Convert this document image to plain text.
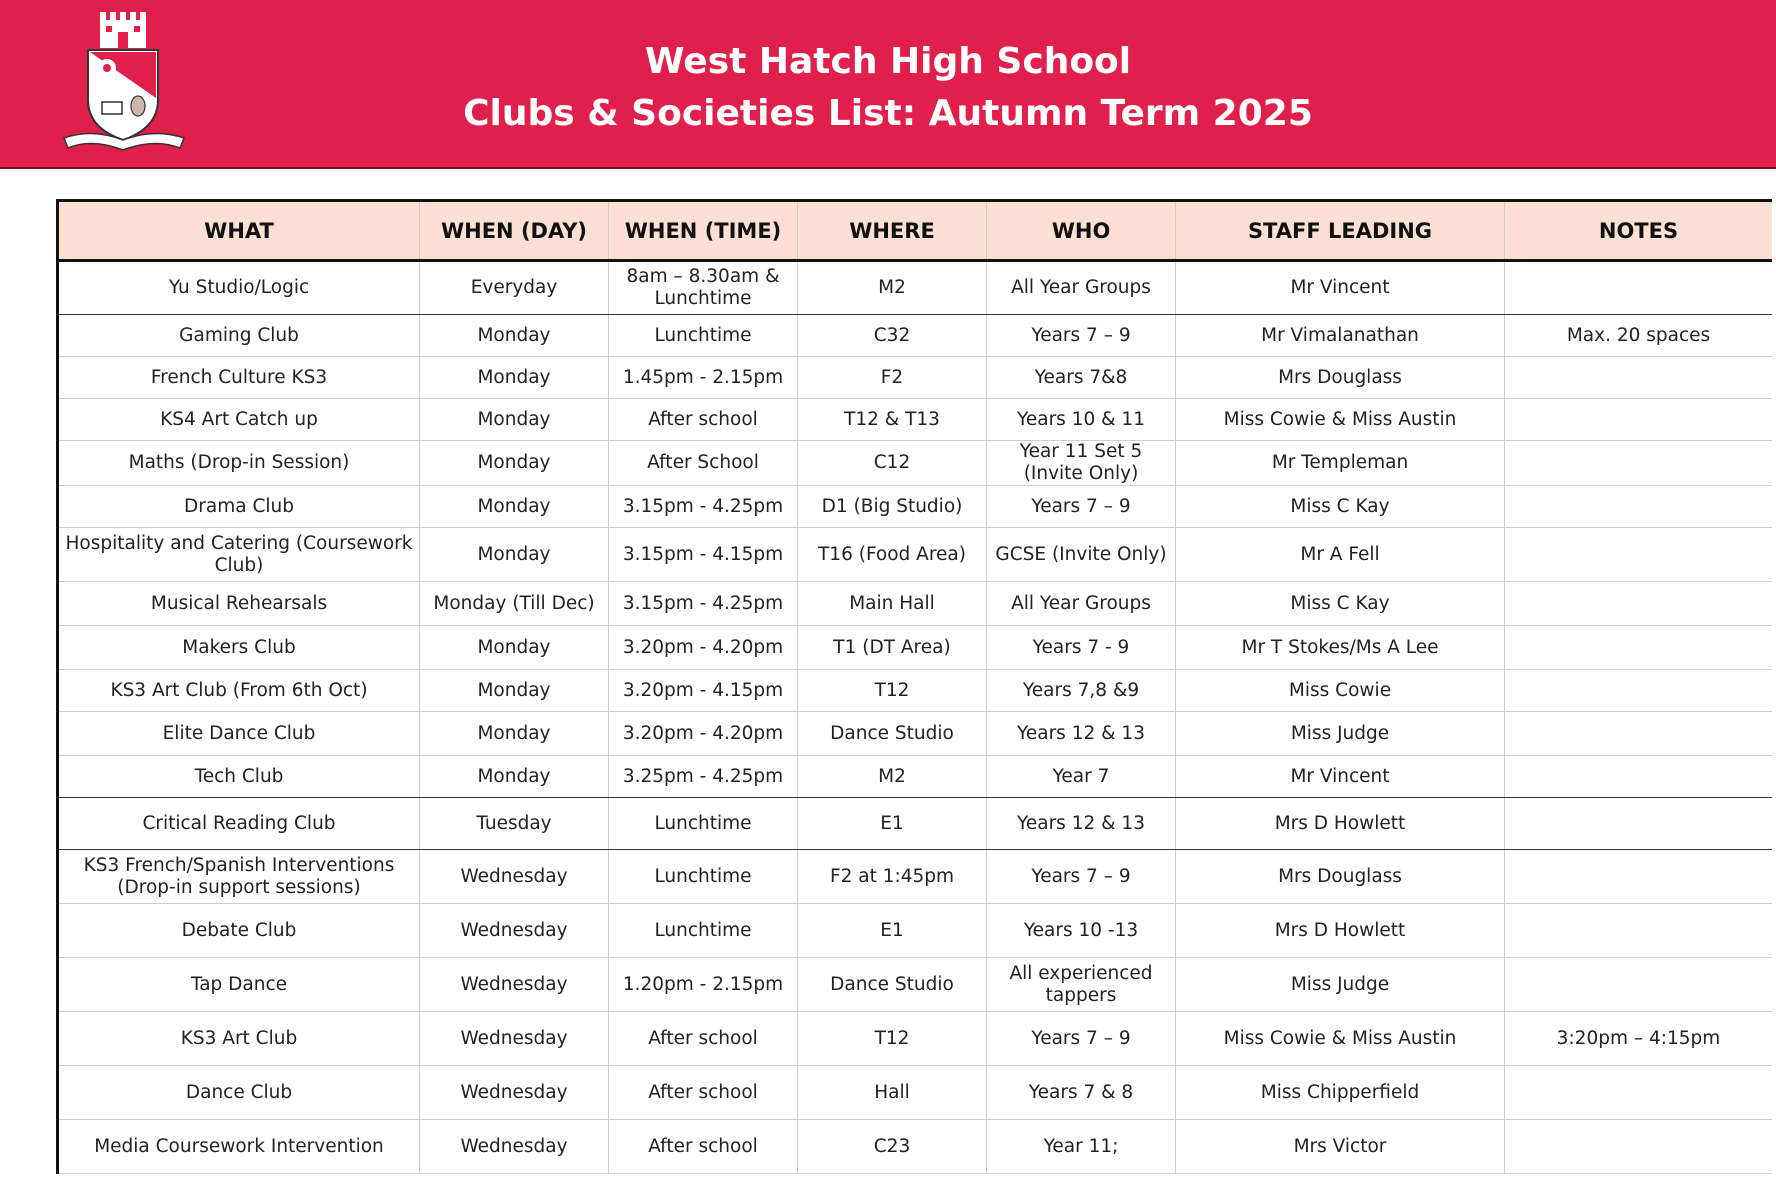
West Hatch High School
Clubs & Societies List: Autumn Term 2025
WHAT	WHEN (DAY)	WHEN (TIME)	WHERE	WHO	STAFF LEADING	NOTES
Yu Studio/Logic	Everyday	8am – 8.30am & Lunchtime	M2	All Year Groups	Mr Vincent	
Gaming Club	Monday	Lunchtime	C32	Years 7 – 9	Mr Vimalanathan	Max. 20 spaces
French Culture KS3	Monday	1.45pm - 2.15pm	F2	Years 7&8	Mrs Douglass	
KS4 Art Catch up	Monday	After school	T12 & T13	Years 10 & 11	Miss Cowie & Miss Austin	
Maths (Drop-in Session)	Monday	After School	C12	Year 11 Set 5 (Invite Only)	Mr Templeman	
Drama Club	Monday	3.15pm - 4.25pm	D1 (Big Studio)	Years 7 – 9	Miss C Kay	
Hospitality and Catering (Coursework Club)	Monday	3.15pm - 4.15pm	T16 (Food Area)	GCSE (Invite Only)	Mr A Fell	
Musical Rehearsals	Monday (Till Dec)	3.15pm - 4.25pm	Main Hall	All Year Groups	Miss C Kay	
Makers Club	Monday	3.20pm - 4.20pm	T1 (DT Area)	Years 7 - 9	Mr T Stokes/Ms A Lee	
KS3 Art Club (From 6th Oct)	Monday	3.20pm - 4.15pm	T12	Years 7,8 &9	Miss Cowie	
Elite Dance Club	Monday	3.20pm - 4.20pm	Dance Studio	Years 12 & 13	Miss Judge	
Tech Club	Monday	3.25pm - 4.25pm	M2	Year 7	Mr Vincent	
Critical Reading Club	Tuesday	Lunchtime	E1	Years 12 & 13	Mrs D Howlett	
KS3 French/Spanish Interventions (Drop-in support sessions)	Wednesday	Lunchtime	F2 at 1:45pm	Years 7 – 9	Mrs Douglass	
Debate Club	Wednesday	Lunchtime	E1	Years 10 -13	Mrs D Howlett	
Tap Dance	Wednesday	1.20pm - 2.15pm	Dance Studio	All experienced tappers	Miss Judge	
KS3 Art Club	Wednesday	After school	T12	Years 7 – 9	Miss Cowie & Miss Austin	3:20pm – 4:15pm
Dance Club	Wednesday	After school	Hall	Years 7 & 8	Miss Chipperfield	
Media Coursework Intervention	Wednesday	After school	C23	Year 11;	Mrs Victor	
